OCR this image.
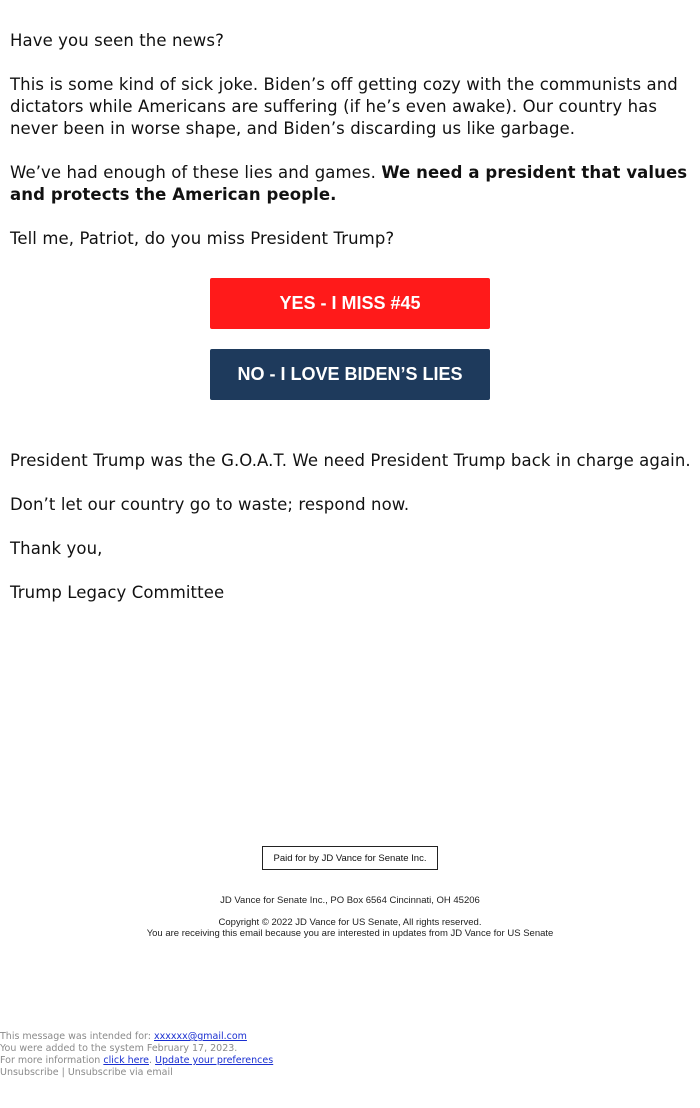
Have you seen the news?

This is some kind of sick joke. Biden’s off getting cozy with the communists and dictators while Americans are suffering (if he’s even awake). Our country has never been in worse shape, and Biden’s discarding us like garbage.

We’ve had enough of these lies and games. We need a president that values and protects the American people.

Tell me, Patriot, do you miss President Trump?

YES - I MISS #45
NO - I LOVE BIDEN’S LIES

President Trump was the G.O.A.T. We need President Trump back in charge again.

Don’t let our country go to waste; respond now.

Thank you,

Trump Legacy Committee

Paid for by JD Vance for Senate Inc.
JD Vance for Senate Inc., PO Box 6564 Cincinnati, OH 45206
Copyright © 2022 JD Vance for US Senate, All rights reserved.
You are receiving this email because you are interested in updates from JD Vance for US Senate
This message was intended for: xxxxxx@gmail.com
You were added to the system February 17, 2023.
For more information click here. Update your preferences
Unsubscribe | Unsubscribe via email
